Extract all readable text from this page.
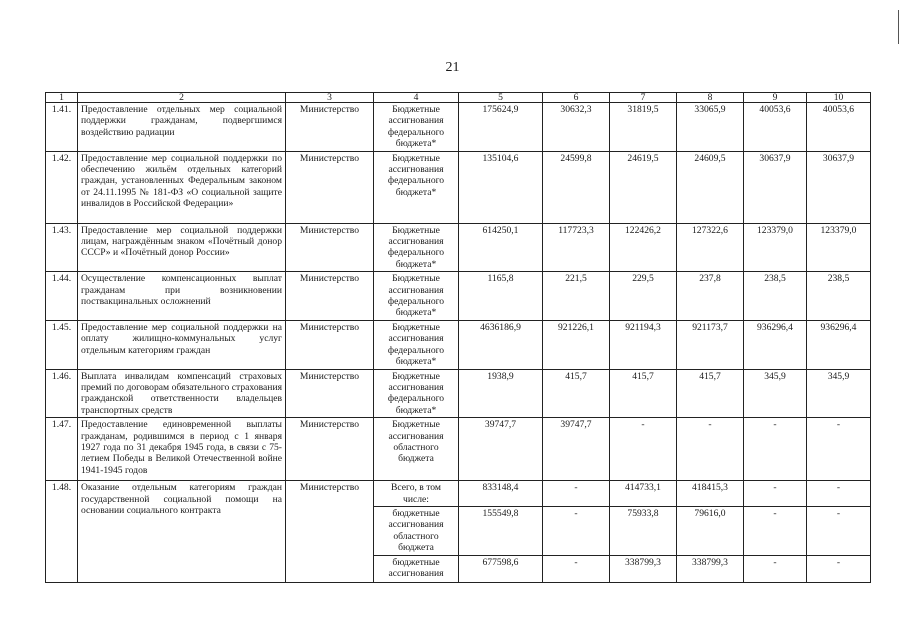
21
1	2	3	4	5	6	7	8	9	10
1.41.	Предоставление отдельных мер социальной поддержки гражданам, подвергшимся воздействию радиации	Министерство	Бюджетные ассигнования федерального бюджета*	175624,9	30632,3	31819,5	33065,9	40053,6	40053,6
1.42.	Предоставление мер социальной поддержки по обеспечению жильём отдельных категорий граждан, установленных Федеральным законом от 24.11.1995 № 181-ФЗ «О социальной защите инвалидов в Российской Федерации»	Министерство	Бюджетные ассигнования федерального бюджета*	135104,6	24599,8	24619,5	24609,5	30637,9	30637,9
1.43.	Предоставление мер социальной поддержки лицам, награждённым знаком «Почётный донор СССР» и «Почётный донор России»	Министерство	Бюджетные ассигнования федерального бюджета*	614250,1	117723,3	122426,2	127322,6	123379,0	123379,0
1.44.	Осуществление компенсационных выплат гражданам при возникновении поствакцинальных осложнений	Министерство	Бюджетные ассигнования федерального бюджета*	1165,8	221,5	229,5	237,8	238,5	238,5
1.45.	Предоставление мер социальной поддержки на оплату жилищно-коммунальных услуг отдельным категориям граждан	Министерство	Бюджетные ассигнования федерального бюджета*	4636186,9	921226,1	921194,3	921173,7	936296,4	936296,4
1.46.	Выплата инвалидам компенсаций страховых премий по договорам обязательного страхования гражданской ответственности владельцев транспортных средств	Министерство	Бюджетные ассигнования федерального бюджета*	1938,9	415,7	415,7	415,7	345,9	345,9
1.47.	Предоставление единовременной выплаты гражданам, родившимся в период с 1 января 1927 года по 31 декабря 1945 года, в связи с 75-летием Победы в Великой Отечественной войне 1941-1945 годов	Министерство	Бюджетные ассигнования областного бюджета	39747,7	39747,7	-	-	-	-
1.48.	Оказание отдельным категориям граждан государственной социальной помощи на основании социального контракта	Министерство	Всего, в том числе:	833148,4	-	414733,1	418415,3	-	-
			бюджетные ассигнования областного бюджета	155549,8	-	75933,8	79616,0	-	-
			бюджетные ассигнования	677598,6	-	338799,3	338799,3	-	-
